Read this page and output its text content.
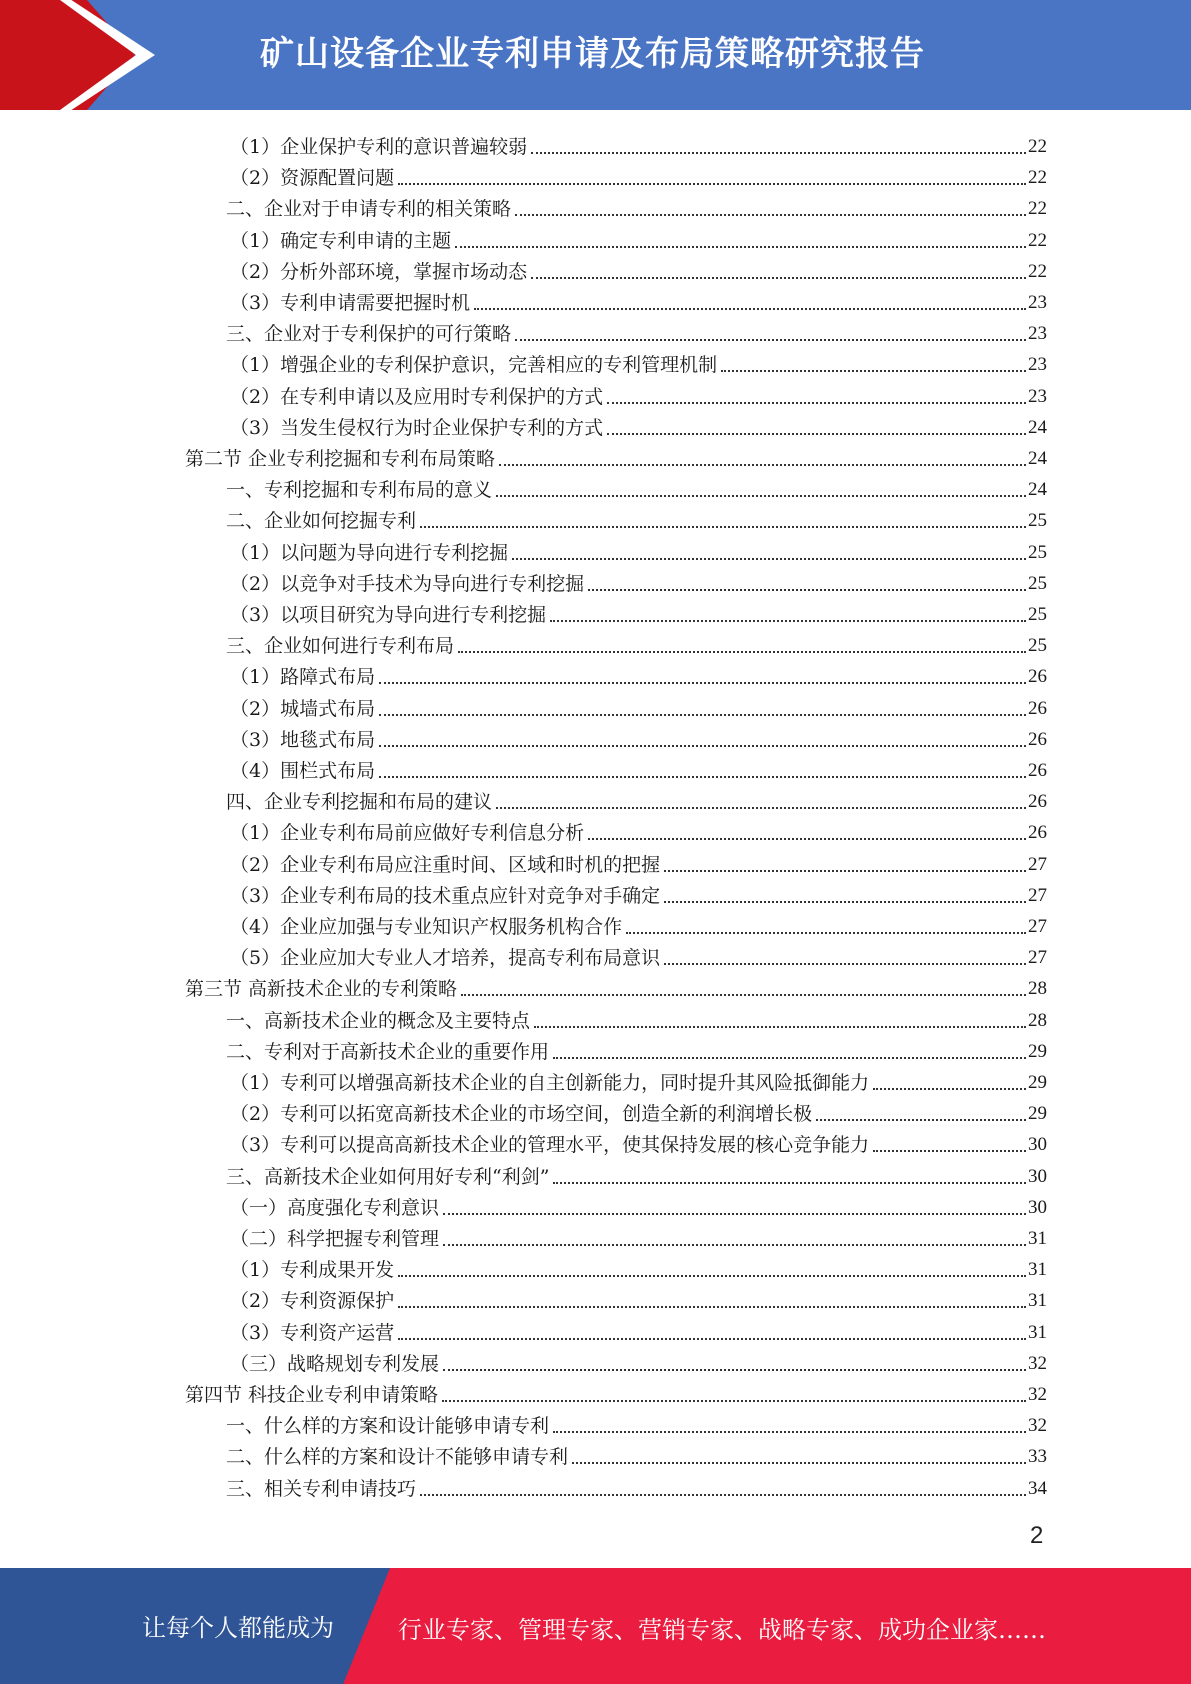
矿山设备企业专利申请及布局策略研究报告
（1）企业保护专利的意识普遍较弱	22
（2）资源配置问题	22
二、企业对于申请专利的相关策略	22
（1）确定专利申请的主题	22
（2）分析外部环境，掌握市场动态	22
（3）专利申请需要把握时机	23
三、企业对于专利保护的可行策略	23
（1）增强企业的专利保护意识，完善相应的专利管理机制	23
（2）在专利申请以及应用时专利保护的方式	23
（3）当发生侵权行为时企业保护专利的方式	24
第二节 企业专利挖掘和专利布局策略	24
一、专利挖掘和专利布局的意义	24
二、企业如何挖掘专利	25
（1）以问题为导向进行专利挖掘	25
（2）以竞争对手技术为导向进行专利挖掘	25
（3）以项目研究为导向进行专利挖掘	25
三、企业如何进行专利布局	25
（1）路障式布局	26
（2）城墙式布局	26
（3）地毯式布局	26
（4）围栏式布局	26
四、企业专利挖掘和布局的建议	26
（1）企业专利布局前应做好专利信息分析	26
（2）企业专利布局应注重时间、区域和时机的把握	27
（3）企业专利布局的技术重点应针对竞争对手确定	27
（4）企业应加强与专业知识产权服务机构合作	27
（5）企业应加大专业人才培养，提高专利布局意识	27
第三节 高新技术企业的专利策略	28
一、高新技术企业的概念及主要特点	28
二、专利对于高新技术企业的重要作用	29
（1）专利可以增强高新技术企业的自主创新能力，同时提升其风险抵御能力	29
（2）专利可以拓宽高新技术企业的市场空间，创造全新的利润增长极	29
（3）专利可以提高高新技术企业的管理水平，使其保持发展的核心竞争能力	30
三、高新技术企业如何用好专利“利剑”	30
（一）高度强化专利意识	30
（二）科学把握专利管理	31
（1）专利成果开发	31
（2）专利资源保护	31
（3）专利资产运营	31
（三）战略规划专利发展	32
第四节 科技企业专利申请策略	32
一、什么样的方案和设计能够申请专利	32
二、什么样的方案和设计不能够申请专利	33
三、相关专利申请技巧	34
2
让每个人都能成为	行业专家、管理专家、营销专家、战略专家、成功企业家……
